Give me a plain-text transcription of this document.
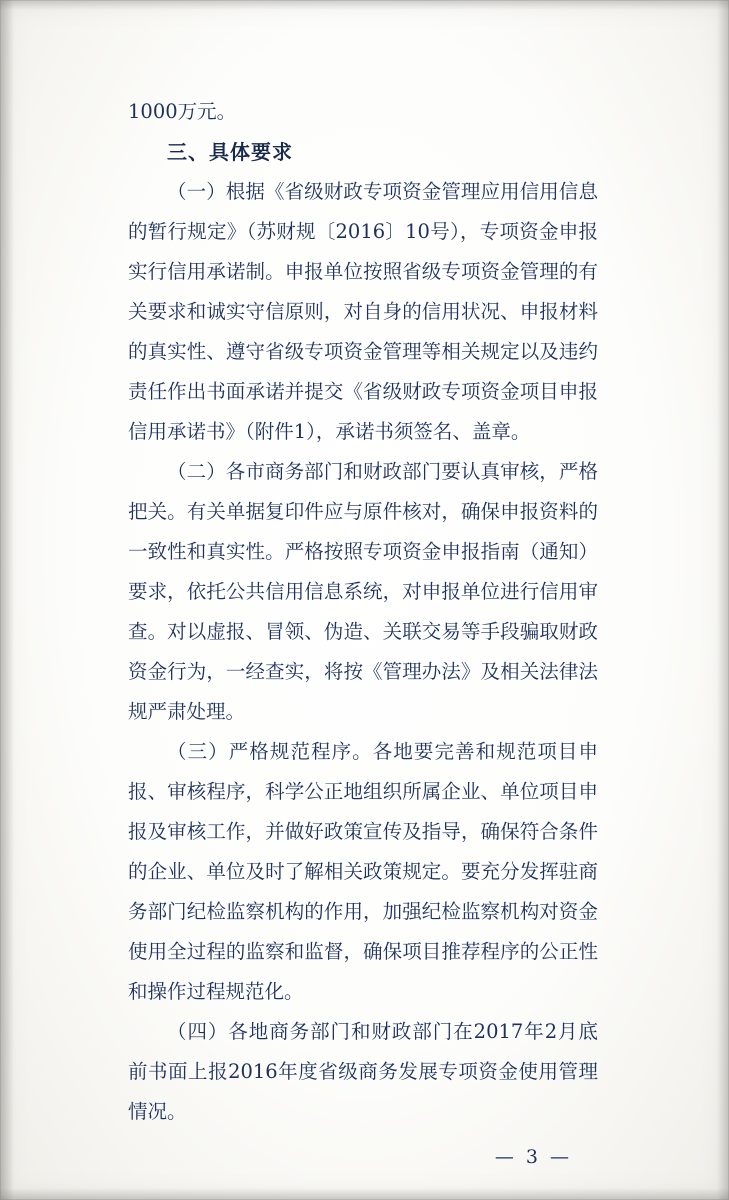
1000万元。
三、具体要求

（一）根据《省级财政专项资金管理应用信用信息的暂行规定》（苏财规〔2016〕10号），专项资金申报实行信用承诺制。申报单位按照省级专项资金管理的有关要求和诚实守信原则，对自身的信用状况、申报材料的真实性、遵守省级专项资金管理等相关规定以及违约责任作出书面承诺并提交《省级财政专项资金项目申报信用承诺书》（附件1），承诺书须签名、盖章。

（二）各市商务部门和财政部门要认真审核，严格把关。有关单据复印件应与原件核对，确保申报资料的一致性和真实性。严格按照专项资金申报指南（通知）要求，依托公共信用信息系统，对申报单位进行信用审查。对以虚报、冒领、伪造、关联交易等手段骗取财政资金行为，一经查实，将按《管理办法》及相关法律法规严肃处理。

（三）严格规范程序。各地要完善和规范项目申报、审核程序，科学公正地组织所属企业、单位项目申报及审核工作，并做好政策宣传及指导，确保符合条件的企业、单位及时了解相关政策规定。要充分发挥驻商务部门纪检监察机构的作用，加强纪检监察机构对资金使用全过程的监察和监督，确保项目推荐程序的公正性和操作过程规范化。

（四）各地商务部门和财政部门在2017年2月底前书面上报2016年度省级商务发展专项资金使用管理情况。

— 3 —
